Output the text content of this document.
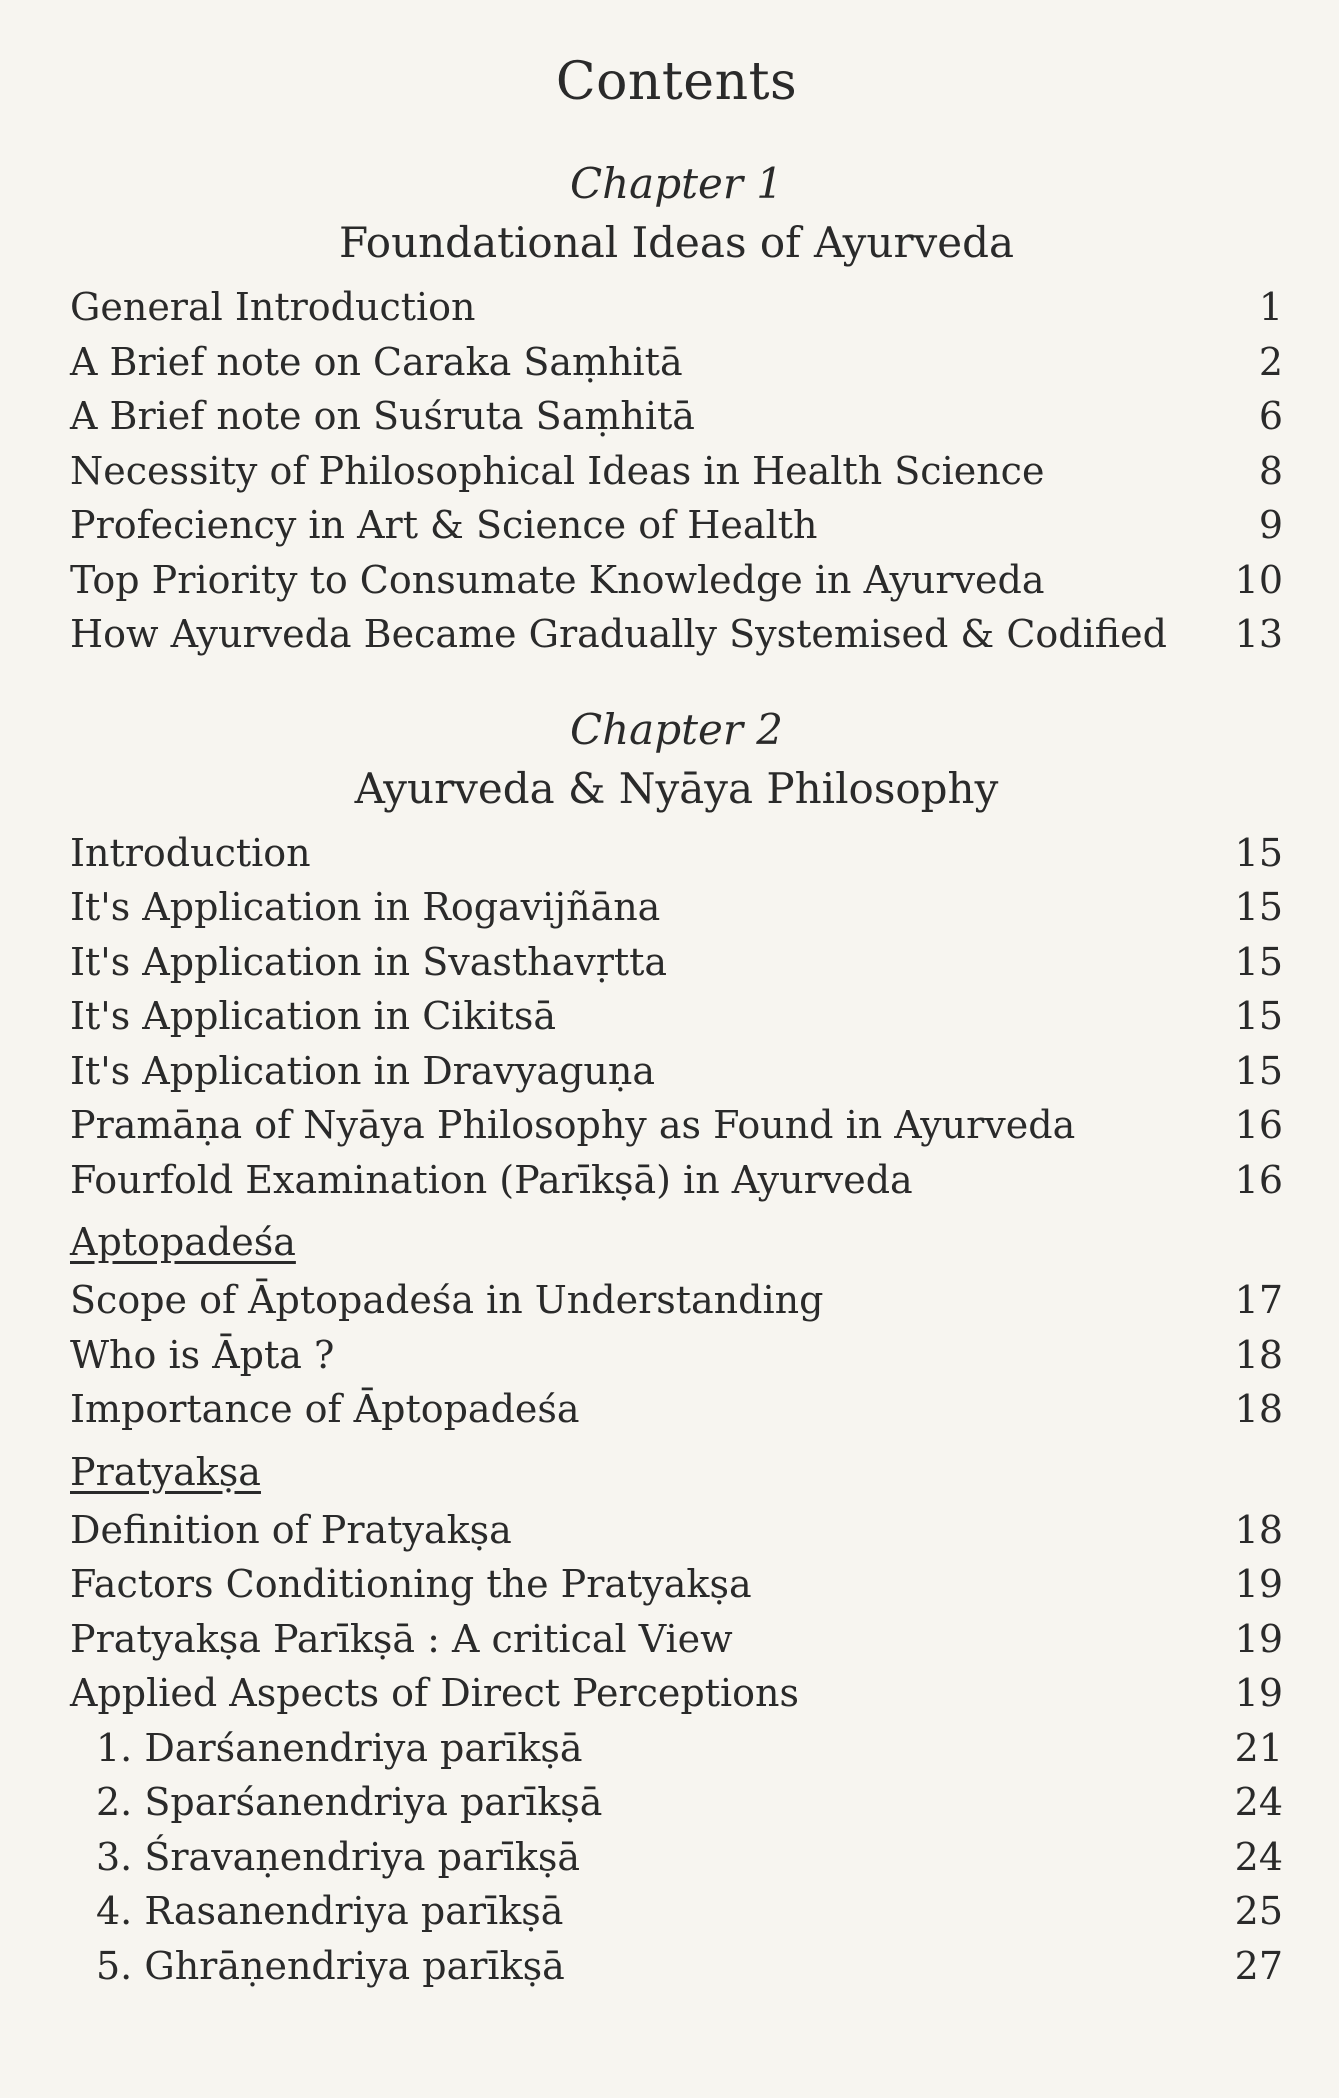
Contents
Chapter 1
Foundational Ideas of Ayurveda
General Introduction	1
A Brief note on Caraka Saṃhitā	2
A Brief note on Suśruta Saṃhitā	6
Necessity of Philosophical Ideas in Health Science	8
Profeciency in Art & Science of Health	9
Top Priority to Consumate Knowledge in Ayurveda	10
How Ayurveda Became Gradually Systemised & Codified	13
Chapter 2
Ayurveda & Nyāya Philosophy
Introduction	15
It's Application in Rogavijñāna	15
It's Application in Svasthavṛtta	15
It's Application in Cikitsā	15
It's Application in Dravyaguṇa	15
Pramāṇa of Nyāya Philosophy as Found in Ayurveda	16
Fourfold Examination (Parīkṣā) in Ayurveda	16
Aptopadeśa
Scope of Āptopadeśa in Understanding	17
Who is Āpta ?	18
Importance of Āptopadeśa	18
Pratyakṣa
Definition of Pratyakṣa	18
Factors Conditioning the Pratyakṣa	19
Pratyakṣa Parīkṣā : A critical View	19
Applied Aspects of Direct Perceptions	19
1. Darśanendriya parīkṣā	21
2. Sparśanendriya parīkṣā	24
3. Śravaṇendriya parīkṣā	24
4. Rasanendriya parīkṣā	25
5. Ghrāṇendriya parīkṣā	27
